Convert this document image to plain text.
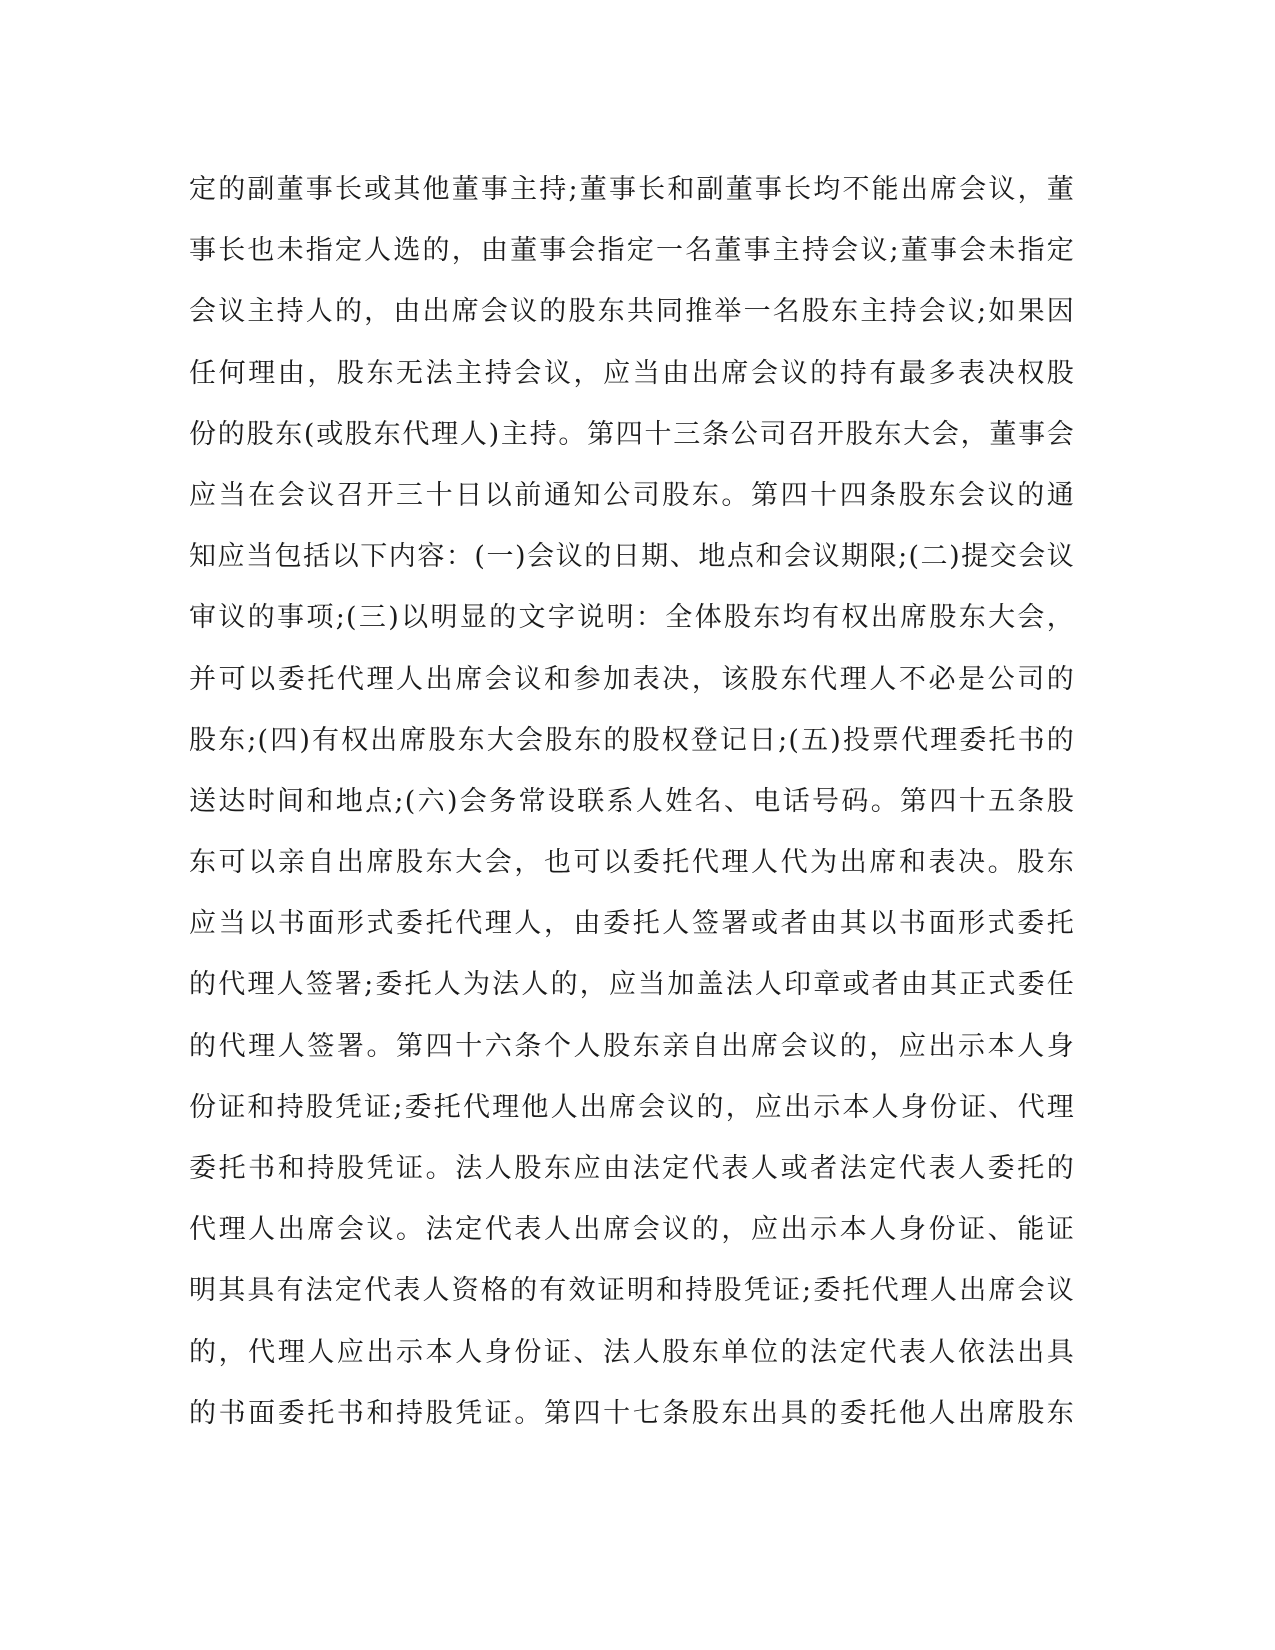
定的副董事长或其他董事主持;董事长和副董事长均不能出席会议，董
事长也未指定人选的，由董事会指定一名董事主持会议;董事会未指定
会议主持人的，由出席会议的股东共同推举一名股东主持会议;如果因
任何理由，股东无法主持会议，应当由出席会议的持有最多表决权股
份的股东(或股东代理人)主持。第四十三条公司召开股东大会，董事会
应当在会议召开三十日以前通知公司股东。第四十四条股东会议的通
知应当包括以下内容：(一)会议的日期、地点和会议期限;(二)提交会议
审议的事项;(三)以明显的文字说明：全体股东均有权出席股东大会，
并可以委托代理人出席会议和参加表决，该股东代理人不必是公司的
股东;(四)有权出席股东大会股东的股权登记日;(五)投票代理委托书的
送达时间和地点;(六)会务常设联系人姓名、电话号码。第四十五条股
东可以亲自出席股东大会，也可以委托代理人代为出席和表决。股东
应当以书面形式委托代理人，由委托人签署或者由其以书面形式委托
的代理人签署;委托人为法人的，应当加盖法人印章或者由其正式委任
的代理人签署。第四十六条个人股东亲自出席会议的，应出示本人身
份证和持股凭证;委托代理他人出席会议的，应出示本人身份证、代理
委托书和持股凭证。法人股东应由法定代表人或者法定代表人委托的
代理人出席会议。法定代表人出席会议的，应出示本人身份证、能证
明其具有法定代表人资格的有效证明和持股凭证;委托代理人出席会议
的，代理人应出示本人身份证、法人股东单位的法定代表人依法出具
的书面委托书和持股凭证。第四十七条股东出具的委托他人出席股东
